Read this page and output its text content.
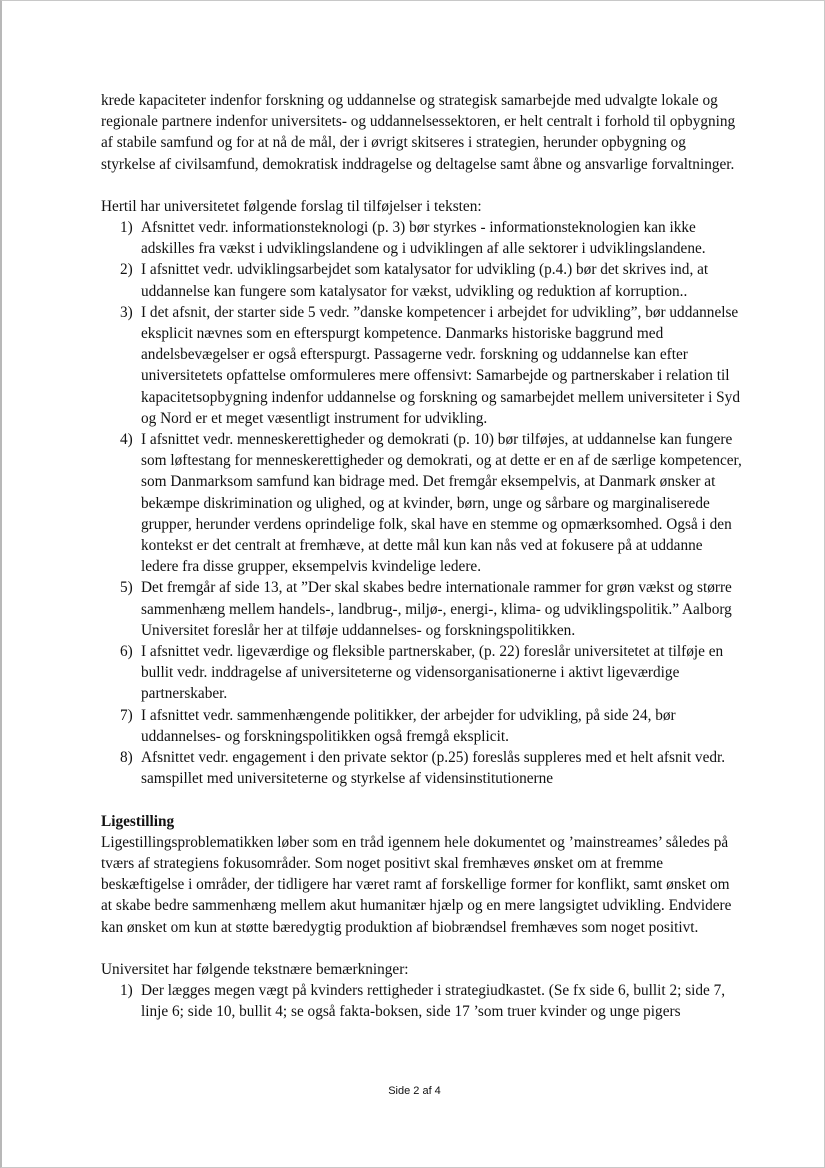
krede kapaciteter indenfor forskning og uddannelse og strategisk samarbejde med udvalgte lokale og regionale partnere indenfor universitets- og uddannelsessektoren, er helt centralt i forhold til opbygning af stabile samfund og for at nå de mål, der i øvrigt skitseres i strategien, herunder opbygning og styrkelse af civilsamfund, demokratisk inddragelse og deltagelse samt åbne og ansvarlige forvaltninger.

Hertil har universitetet følgende forslag til tilføjelser i teksten:

1) Afsnittet vedr. informationsteknologi (p. 3) bør styrkes - informationsteknologien kan ikke adskilles fra vækst i udviklingslandene og i udviklingen af alle sektorer i udviklingslandene.
2) I afsnittet vedr. udviklingsarbejdet som katalysator for udvikling (p.4.) bør det skrives ind, at uddannelse kan fungere som katalysator for vækst, udvikling og reduktion af korruption..
3) I det afsnit, der starter side 5 vedr. ”danske kompetencer i arbejdet for udvikling”, bør uddannelse eksplicit nævnes som en efterspurgt kompetence. Danmarks historiske baggrund med andelsbevægelser er også efterspurgt. Passagerne vedr. forskning og uddannelse kan efter universitetets opfattelse omformuleres mere offensivt: Samarbejde og partnerskaber i relation til kapacitetsopbygning indenfor uddannelse og forskning og samarbejdet mellem universiteter i Syd og Nord er et meget væsentligt instrument for udvikling.
4) I afsnittet vedr. menneskerettigheder og demokrati (p. 10) bør tilføjes, at uddannelse kan fungere som løftestang for menneskerettigheder og demokrati, og at dette er en af de særlige kompetencer, som Danmarksom samfund kan bidrage med. Det fremgår eksempelvis, at Danmark ønsker at bekæmpe diskrimination og ulighed, og at kvinder, børn, unge og sårbare og marginaliserede grupper, herunder verdens oprindelige folk, skal have en stemme og opmærksomhed. Også i den kontekst er det centralt at fremhæve, at dette mål kun kan nås ved at fokusere på at uddanne ledere fra disse grupper, eksempelvis kvindelige ledere.
5) Det fremgår af side 13, at ”Der skal skabes bedre internationale rammer for grøn vækst og større sammenhæng mellem handels-, landbrug-, miljø-, energi-, klima- og udviklingspolitik.” Aalborg Universitet foreslår her at tilføje uddannelses- og forskningspolitikken.
6) I afsnittet vedr. ligeværdige og fleksible partnerskaber, (p. 22) foreslår universitetet at tilføje en bullit vedr. inddragelse af universiteterne og vidensorganisationerne i aktivt ligeværdige partnerskaber.
7) I afsnittet vedr. sammenhængende politikker, der arbejder for udvikling, på side 24, bør uddannelses- og forskningspolitikken også fremgå eksplicit.
8) Afsnittet vedr. engagement i den private sektor (p.25) foreslås suppleres med et helt afsnit vedr. samspillet med universiteterne og styrkelse af vidensinstitutionerne
Ligestilling

Ligestillingsproblematikken løber som en tråd igennem hele dokumentet og ’mainstreames’ således på tværs af strategiens fokusområder. Som noget positivt skal fremhæves ønsket om at fremme beskæftigelse i områder, der tidligere har været ramt af forskellige former for konflikt, samt ønsket om at skabe bedre sammenhæng mellem akut humanitær hjælp og en mere langsigtet udvikling. Endvidere kan ønsket om kun at støtte bæredygtig produktion af biobrændsel fremhæves som noget positivt.

Universitet har følgende tekstnære bemærkninger:

1) Der lægges megen vægt på kvinders rettigheder i strategiudkastet. (Se fx side 6, bullit 2; side 7, linje 6; side 10, bullit 4; se også fakta-boksen, side 17 ’som truer kvinder og unge pigers
Side 2 af 4
